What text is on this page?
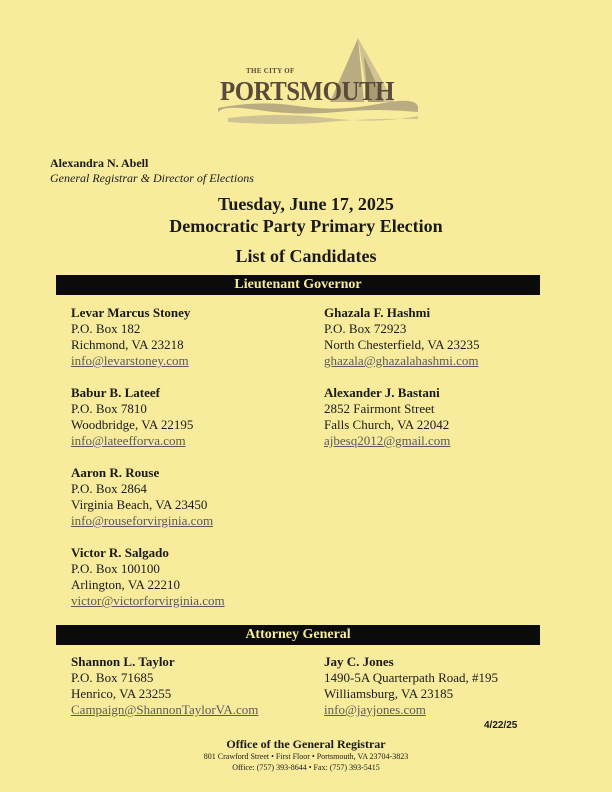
THE CITY OF
PORTSMOUTH
Alexandra N. Abell
General Registrar & Director of Elections
Tuesday, June 17, 2025
Democratic Party Primary Election
List of Candidates
Lieutenant Governor
Levar Marcus Stoney
P.O. Box 182
Richmond, VA 23218
info@levarstoney.com
Ghazala F. Hashmi
P.O. Box 72923
North Chesterfield, VA 23235
ghazala@ghazalahashmi.com
Babur B. Lateef
P.O. Box 7810
Woodbridge, VA 22195
info@lateefforva.com
Alexander J. Bastani
2852 Fairmont Street
Falls Church, VA 22042
ajbesq2012@gmail.com
Aaron R. Rouse
P.O. Box 2864
Virginia Beach, VA 23450
info@rouseforvirginia.com
Victor R. Salgado
P.O. Box 100100
Arlington, VA 22210
victor@victorforvirginia.com
Attorney General
Shannon L. Taylor
P.O. Box 71685
Henrico, VA 23255
Campaign@ShannonTaylorVA.com
Jay C. Jones
1490-5A Quarterpath Road, #195
Williamsburg, VA 23185
info@jayjones.com
4/22/25
Office of the General Registrar
801 Crawford Street • First Floor • Portsmouth, VA 23704-3823
Office: (757) 393-8644 • Fax: (757) 393-5415
